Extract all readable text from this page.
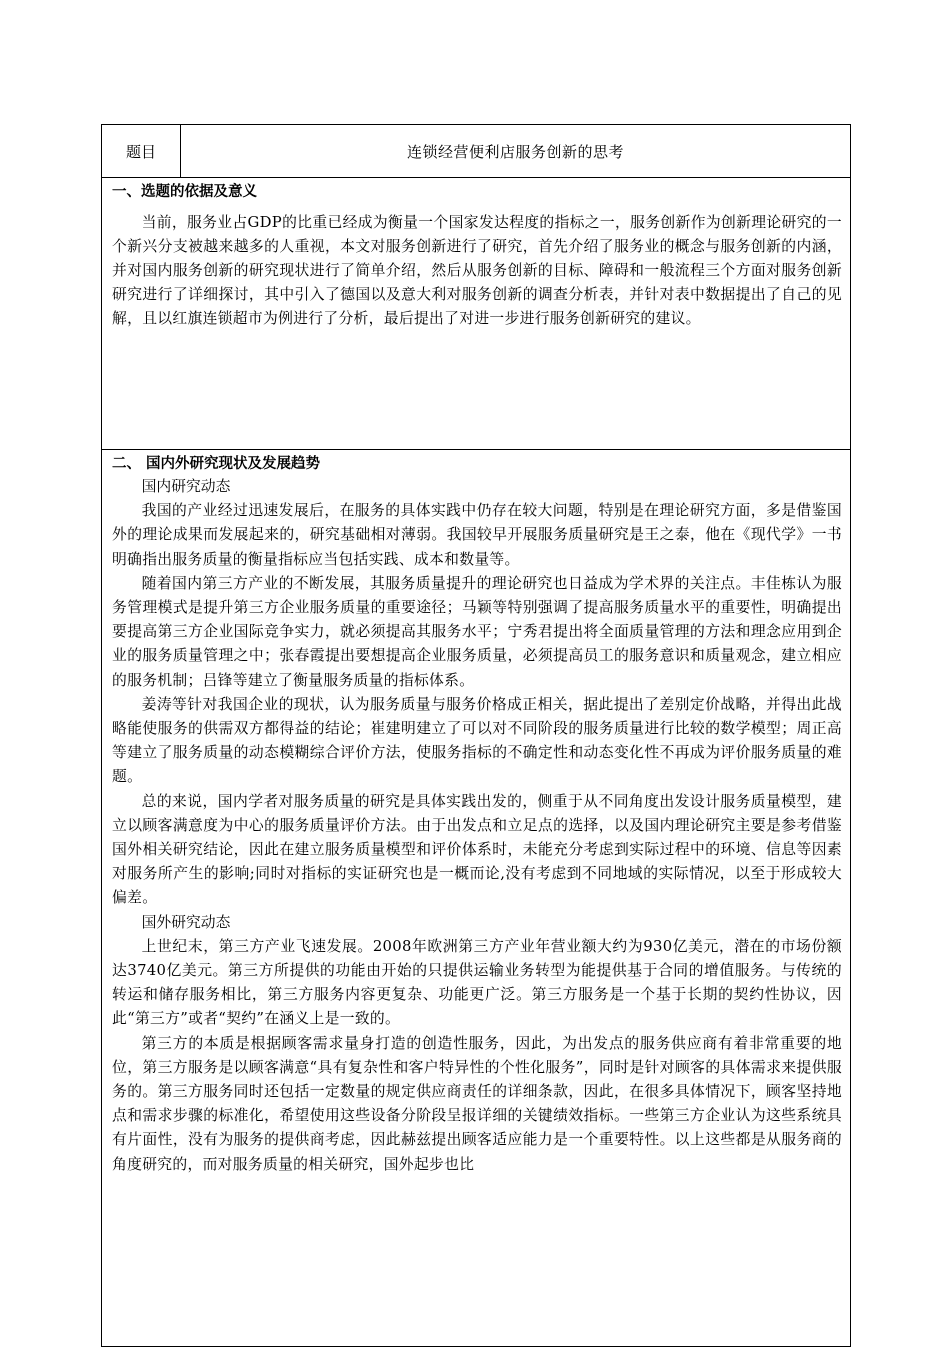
题目	连锁经营便利店服务创新的思考

一、选题的依据及意义

当前，服务业占GDP的比重已经成为衡量一个国家发达程度的指标之一，服务创新作为创新理论研究的一个新兴分支被越来越多的人重视，本文对服务创新进行了研究，首先介绍了服务业的概念与服务创新的内涵，并对国内服务创新的研究现状进行了简单介绍，然后从服务创新的目标、障碍和一般流程三个方面对服务创新研究进行了详细探讨，其中引入了德国以及意大利对服务创新的调查分析表，并针对表中数据提出了自己的见解，且以红旗连锁超市为例进行了分析，最后提出了对进一步进行服务创新研究的建议。

二、 国内外研究现状及发展趋势

国内研究动态

我国的产业经过迅速发展后，在服务的具体实践中仍存在较大问题，特别是在理论研究方面，多是借鉴国外的理论成果而发展起来的，研究基础相对薄弱。我国较早开展服务质量研究是王之泰，他在《现代学》一书明确指出服务质量的衡量指标应当包括实践、成本和数量等。

随着国内第三方产业的不断发展，其服务质量提升的理论研究也日益成为学术界的关注点。丰佳栋认为服务管理模式是提升第三方企业服务质量的重要途径；马颖等特别强调了提高服务质量水平的重要性，明确提出要提高第三方企业国际竞争实力，就必须提高其服务水平；宁秀君提出将全面质量管理的方法和理念应用到企业的服务质量管理之中；张春霞提出要想提高企业服务质量，必须提高员工的服务意识和质量观念，建立相应的服务机制；吕锋等建立了衡量服务质量的指标体系。

姜涛等针对我国企业的现状，认为服务质量与服务价格成正相关，据此提出了差别定价战略，并得出此战略能使服务的供需双方都得益的结论；崔建明建立了可以对不同阶段的服务质量进行比较的数学模型；周正高等建立了服务质量的动态模糊综合评价方法，使服务指标的不确定性和动态变化性不再成为评价服务质量的难题。

总的来说，国内学者对服务质量的研究是具体实践出发的，侧重于从不同角度出发设计服务质量模型，建立以顾客满意度为中心的服务质量评价方法。由于出发点和立足点的选择，以及国内理论研究主要是参考借鉴国外相关研究结论，因此在建立服务质量模型和评价体系时，未能充分考虑到实际过程中的环境、信息等因素对服务所产生的影响;同时对指标的实证研究也是一概而论,没有考虑到不同地域的实际情况，以至于形成较大偏差。

国外研究动态

上世纪末，第三方产业飞速发展。2008年欧洲第三方产业年营业额大约为930亿美元，潜在的市场份额达3740亿美元。第三方所提供的功能由开始的只提供运输业务转型为能提供基于合同的增值服务。与传统的转运和储存服务相比，第三方服务内容更复杂、功能更广泛。第三方服务是一个基于长期的契约性协议，因此“第三方”或者“契约”在涵义上是一致的。

第三方的本质是根据顾客需求量身打造的创造性服务，因此，为出发点的服务供应商有着非常重要的地位，第三方服务是以顾客满意“具有复杂性和客户特异性的个性化服务”，同时是针对顾客的具体需求来提供服务的。第三方服务同时还包括一定数量的规定供应商责任的详细条款，因此，在很多具体情况下，顾客坚持地点和需求步骤的标准化，希望使用这些设备分阶段呈报详细的关键绩效指标。一些第三方企业认为这些系统具有片面性，没有为服务的提供商考虑，因此赫兹提出顾客适应能力是一个重要特性。以上这些都是从服务商的角度研究的，而对服务质量的相关研究，国外起步也比
